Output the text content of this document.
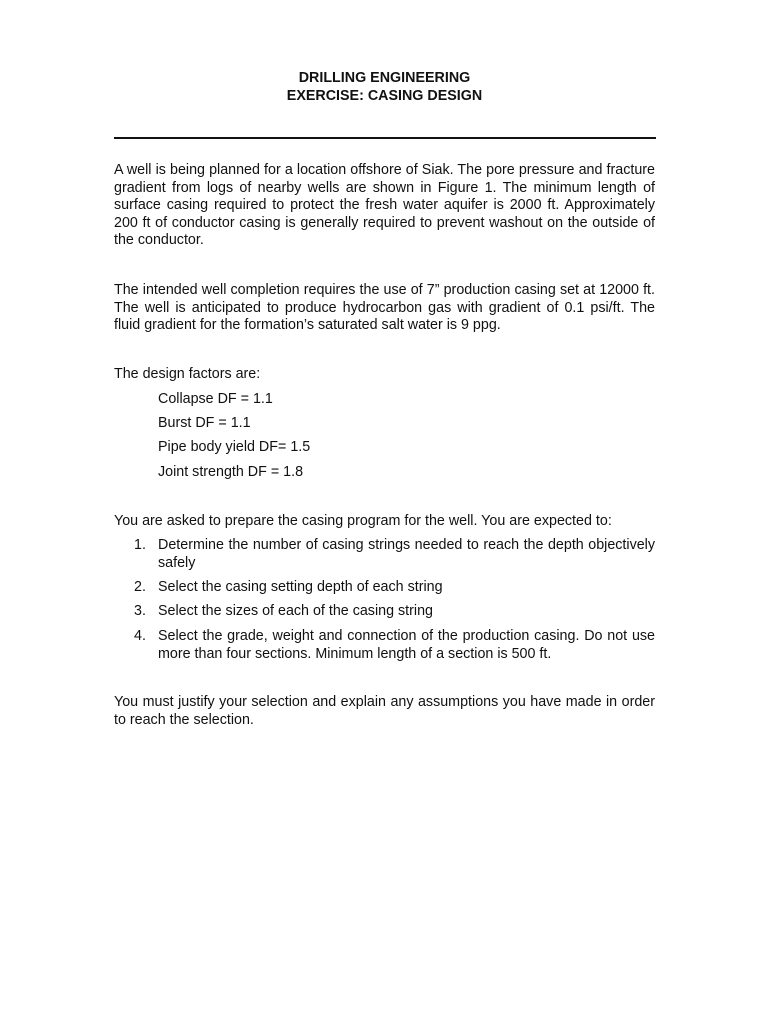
DRILLING ENGINEERING
EXERCISE: CASING DESIGN

A well is being planned for a location offshore of Siak. The pore pressure and fracture gradient from logs of nearby wells are shown in Figure 1. The minimum length of surface casing required to protect the fresh water aquifer is 2000 ft. Approximately 200 ft of conductor casing is generally required to prevent washout on the outside of the conductor.

The intended well completion requires the use of 7” production casing set at 12000 ft. The well is anticipated to produce hydrocarbon gas with gradient of 0.1 psi/ft. The fluid gradient for the formation’s saturated salt water is 9 ppg.

The design factors are:

Collapse DF = 1.1

Burst DF = 1.1

Pipe body yield DF= 1.5

Joint strength DF = 1.8

You are asked to prepare the casing program for the well. You are expected to:

1. Determine the number of casing strings needed to reach the depth objectively safely
2. Select the casing setting depth of each string
3. Select the sizes of each of the casing string
4. Select the grade, weight and connection of the production casing. Do not use more than four sections. Minimum length of a section is 500 ft.

You must justify your selection and explain any assumptions you have made in order to reach the selection.
